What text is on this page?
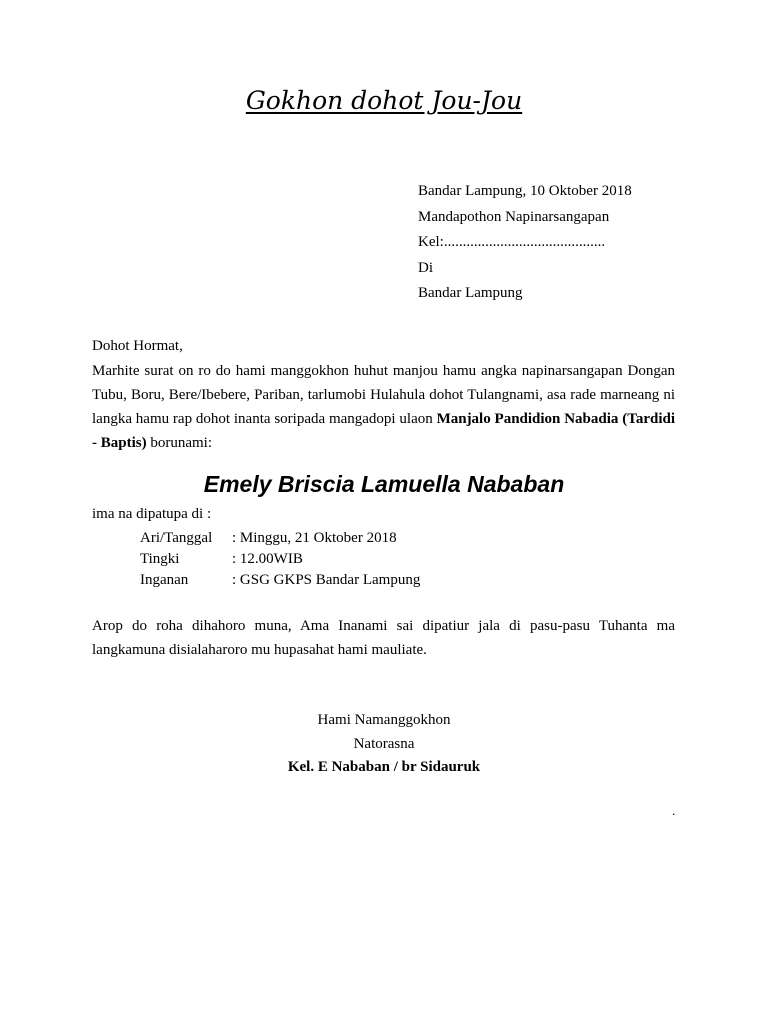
Gokhon dohot Jou-Jou
Bandar Lampung, 10 Oktober 2018
Mandapothon Napinarsangapan
Kel:...........................................
Di
Bandar Lampung
Dohot Hormat,
Marhite surat on ro do hami manggokhon huhut manjou hamu angka napinarsangapan Dongan Tubu, Boru, Bere/Ibebere, Pariban, tarlumobi Hulahula dohot Tulangnami, asa rade marneang ni langka hamu rap dohot inanta soripada mangadopi ulaon Manjalo Pandidion Nabadia (Tardidi - Baptis) borunami:
Emely Briscia Lamuella Nababan
ima na dipatupa di :
Ari/Tanggal	: Minggu, 21 Oktober 2018
Tingki	: 12.00WIB
Inganan	: GSG GKPS Bandar Lampung
Arop do roha dihahoro muna, Ama Inanami sai dipatiur jala di pasu-pasu Tuhanta ma langkamuna disialaharoro mu hupasahat hami mauliate.
Hami Namanggokhon
Natorasna
Kel. E Nababan / br Sidauruk
.
